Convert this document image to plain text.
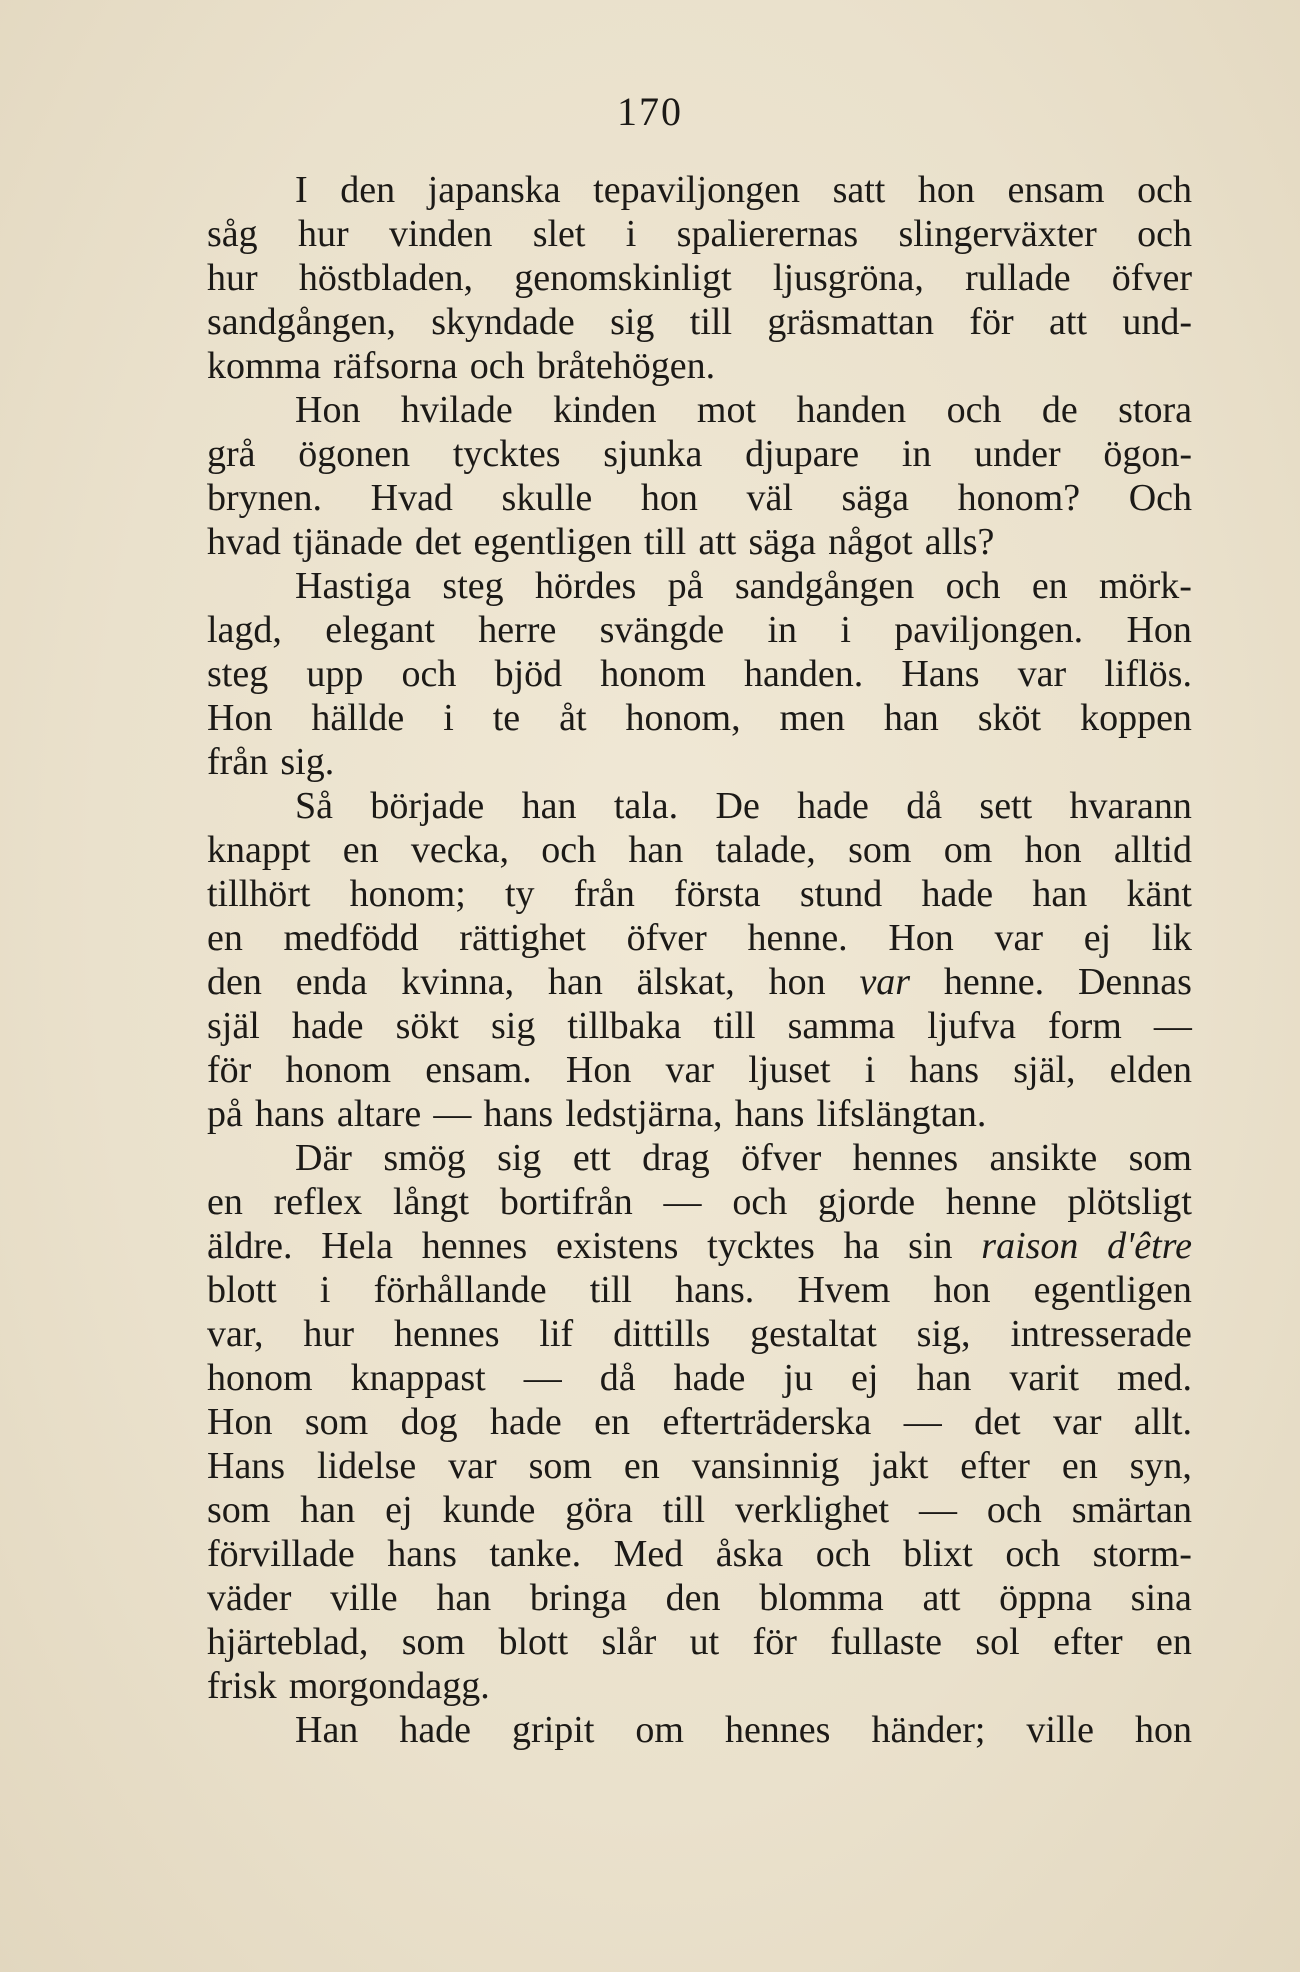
170
I den japanska tepaviljongen satt hon ensam och
såg hur vinden slet i spalierernas slingerväxter och
hur höstbladen, genomskinligt ljusgröna, rullade öfver
sandgången, skyndade sig till gräsmattan för att und-
komma räfsorna och bråtehögen.
Hon hvilade kinden mot handen och de stora
grå ögonen tycktes sjunka djupare in under ögon-
brynen. Hvad skulle hon väl säga honom? Och
hvad tjänade det egentligen till att säga något alls?
Hastiga steg hördes på sandgången och en mörk-
lagd, elegant herre svängde in i paviljongen. Hon
steg upp och bjöd honom handen. Hans var liflös.
Hon hällde i te åt honom, men han sköt koppen
från sig.
Så började han tala. De hade då sett hvarann
knappt en vecka, och han talade, som om hon alltid
tillhört honom; ty från första stund hade han känt
en medfödd rättighet öfver henne. Hon var ej lik
den enda kvinna, han älskat, hon var henne. Dennas
själ hade sökt sig tillbaka till samma ljufva form —
för honom ensam. Hon var ljuset i hans själ, elden
på hans altare — hans ledstjärna, hans lifslängtan.
Där smög sig ett drag öfver hennes ansikte som
en reflex långt bortifrån — och gjorde henne plötsligt
äldre. Hela hennes existens tycktes ha sin raison d'être
blott i förhållande till hans. Hvem hon egentligen
var, hur hennes lif dittills gestaltat sig, intresserade
honom knappast — då hade ju ej han varit med.
Hon som dog hade en efterträderska — det var allt.
Hans lidelse var som en vansinnig jakt efter en syn,
som han ej kunde göra till verklighet — och smärtan
förvillade hans tanke. Med åska och blixt och storm-
väder ville han bringa den blomma att öppna sina
hjärteblad, som blott slår ut för fullaste sol efter en
frisk morgondagg.
Han hade gripit om hennes händer; ville hon
